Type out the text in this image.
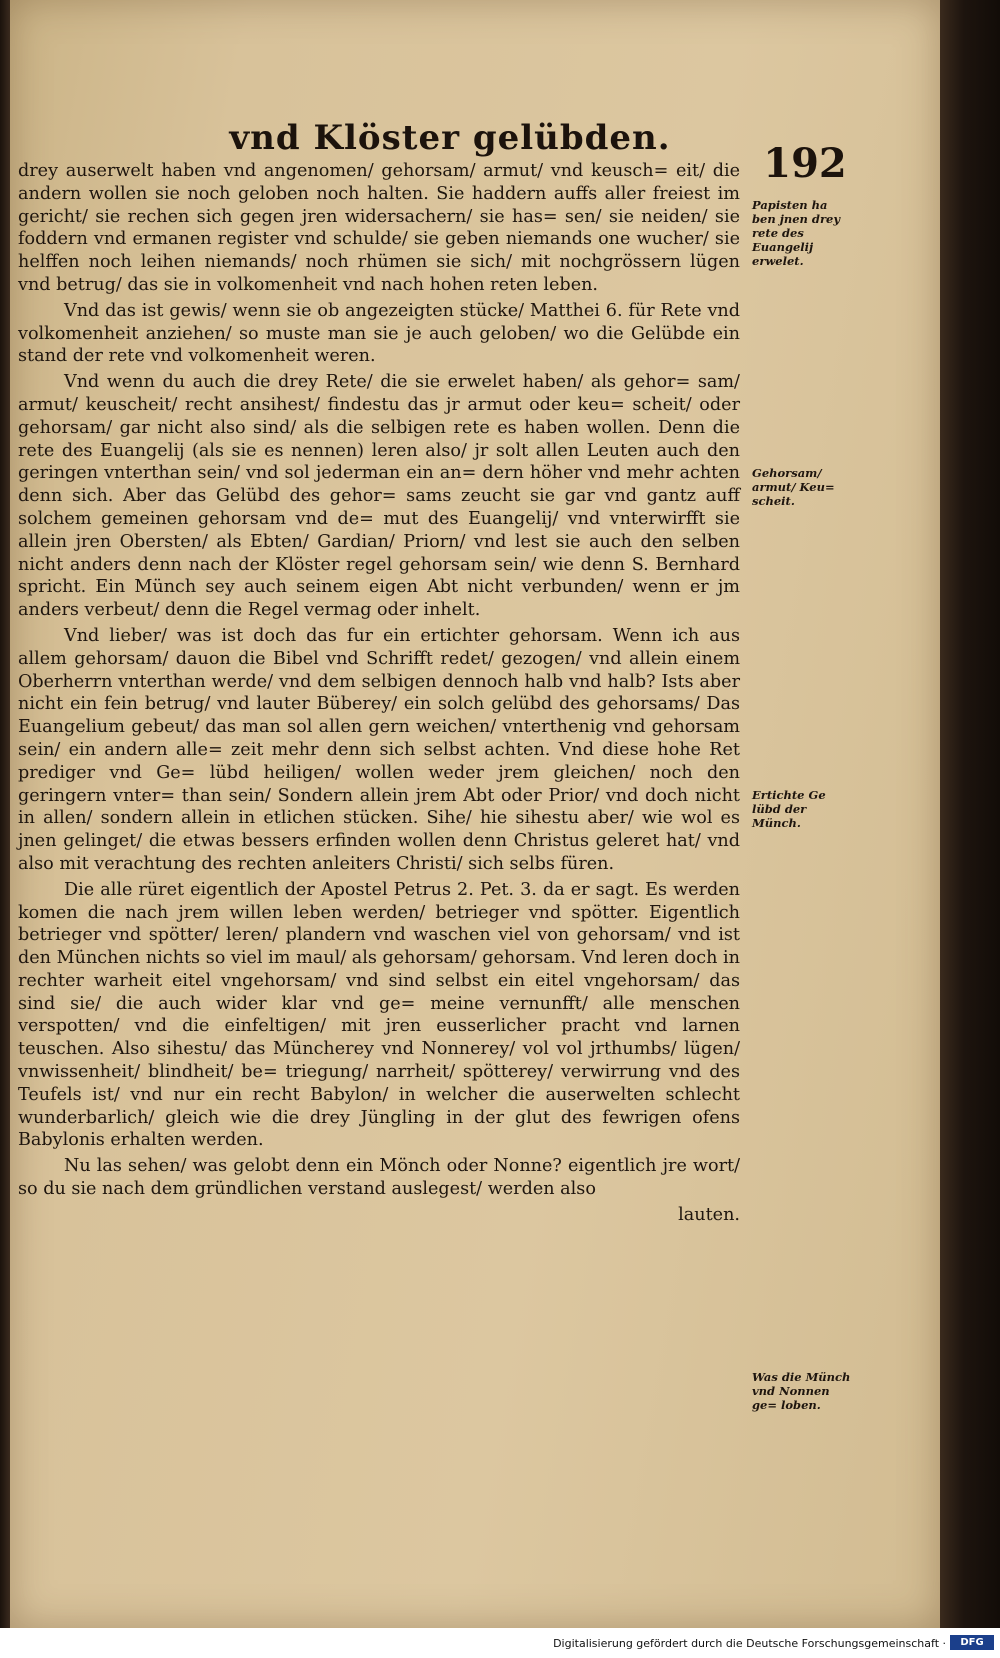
vnd Klöster gelübden.
192

drey auserwelt haben vnd angenomen/ gehorsam/ armut/ vnd keusch= eit/ die andern wollen sie noch geloben noch halten. Sie haddern auffs aller freiest im gericht/ sie rechen sich gegen jren widersachern/ sie has= sen/ sie neiden/ sie foddern vnd ermanen register vnd schulde/ sie geben niemands one wucher/ sie helffen noch leihen niemands/ noch rhümen sie sich/ mit nochgrössern lügen vnd betrug/ das sie in volkomenheit vnd nach hohen reten leben.

Vnd das ist gewis/ wenn sie ob angezeigten stücke/ Matthei 6. für Rete vnd volkomenheit anziehen/ so muste man sie je auch geloben/ wo die Gelübde ein stand der rete vnd volkomenheit weren.

Vnd wenn du auch die drey Rete/ die sie erwelet haben/ als gehor= sam/ armut/ keuscheit/ recht ansihest/ findestu das jr armut oder keu= scheit/ oder gehorsam/ gar nicht also sind/ als die selbigen rete es haben wollen. Denn die rete des Euangelij (als sie es nennen) leren also/ jr solt allen Leuten auch den geringen vnterthan sein/ vnd sol jederman ein an= dern höher vnd mehr achten denn sich. Aber das Gelübd des gehor= sams zeucht sie gar vnd gantz auff solchem gemeinen gehorsam vnd de= mut des Euangelij/ vnd vnterwirfft sie allein jren Obersten/ als Ebten/ Gardian/ Priorn/ vnd lest sie auch den selben nicht anders denn nach der Klöster regel gehorsam sein/ wie denn S. Bernhard spricht. Ein Münch sey auch seinem eigen Abt nicht verbunden/ wenn er jm anders verbeut/ denn die Regel vermag oder inhelt.

Vnd lieber/ was ist doch das fur ein ertichter gehorsam. Wenn ich aus allem gehorsam/ dauon die Bibel vnd Schrifft redet/ gezogen/ vnd allein einem Oberherrn vnterthan werde/ vnd dem selbigen dennoch halb vnd halb? Ists aber nicht ein fein betrug/ vnd lauter Büberey/ ein solch gelübd des gehorsams/ Das Euangelium gebeut/ das man sol allen gern weichen/ vnterthenig vnd gehorsam sein/ ein andern alle= zeit mehr denn sich selbst achten. Vnd diese hohe Ret prediger vnd Ge= lübd heiligen/ wollen weder jrem gleichen/ noch den geringern vnter= than sein/ Sondern allein jrem Abt oder Prior/ vnd doch nicht in allen/ sondern allein in etlichen stücken. Sihe/ hie sihestu aber/ wie wol es jnen gelinget/ die etwas bessers erfinden wollen denn Christus geleret hat/ vnd also mit verachtung des rechten anleiters Christi/ sich selbs füren.

Die alle rüret eigentlich der Apostel Petrus 2. Pet. 3. da er sagt. Es werden komen die nach jrem willen leben werden/ betrieger vnd spötter. Eigentlich betrieger vnd spötter/ leren/ plandern vnd waschen viel von gehorsam/ vnd ist den München nichts so viel im maul/ als gehorsam/ gehorsam. Vnd leren doch in rechter warheit eitel vngehorsam/ vnd sind selbst ein eitel vngehorsam/ das sind sie/ die auch wider klar vnd ge= meine vernunfft/ alle menschen verspotten/ vnd die einfeltigen/ mit jren eusserlicher pracht vnd larnen teuschen. Also sihestu/ das Müncherey vnd Nonnerey/ vol vol jrthumbs/ lügen/ vnwissenheit/ blindheit/ be= triegung/ narrheit/ spötterey/ verwirrung vnd des Teufels ist/ vnd nur ein recht Babylon/ in welcher die auserwelten schlecht wunderbarlich/ gleich wie die drey Jüngling in der glut des fewrigen ofens Babylonis erhalten werden.

Nu las sehen/ was gelobt denn ein Mönch oder Nonne? eigentlich jre wort/ so du sie nach dem gründlichen verstand auslegest/ werden also

lauten.

Papisten ha ben jnen drey rete des Euangelij erwelet.
Gehorsam/ armut/ Keu= scheit.
Ertichte Ge lübd der Münch.
Was die Münch vnd Nonnen ge= loben.
Digitalisierung gefördert durch die Deutsche Forschungsgemeinschaft ·	DFG
